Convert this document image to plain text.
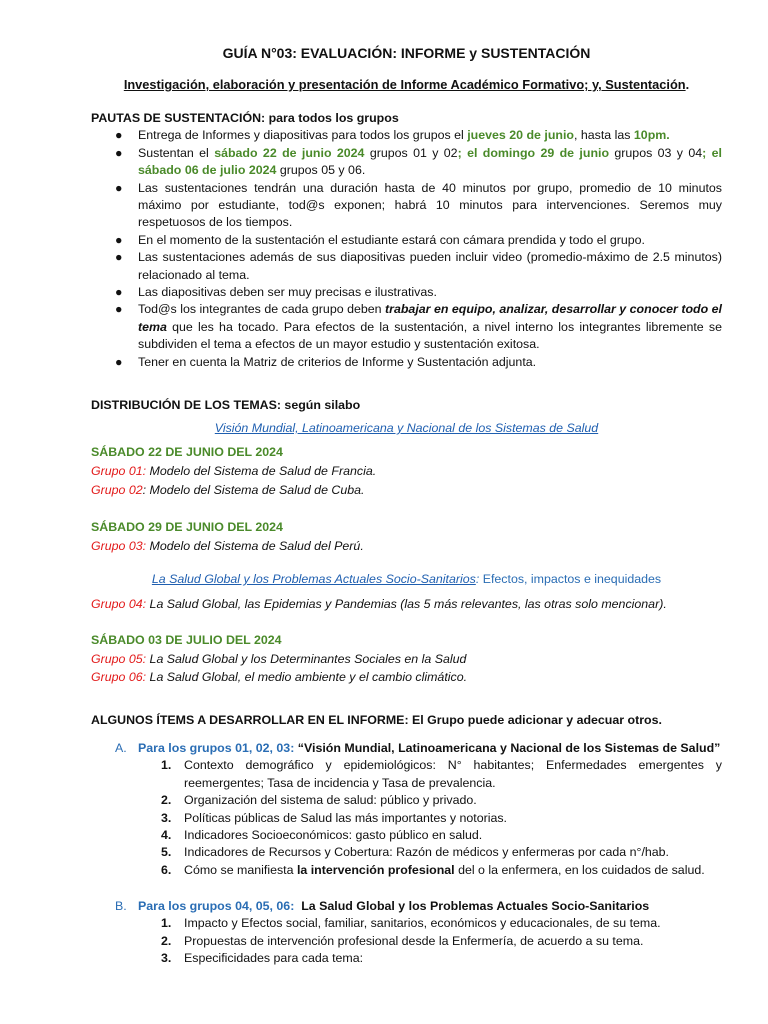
GUÍA N°03: EVALUACIÓN: INFORME y SUSTENTACIÓN
Investigación, elaboración y presentación de Informe Académico Formativo; y, Sustentación.
PAUTAS DE SUSTENTACIÓN: para todos los grupos
● Entrega de Informes y diapositivas para todos los grupos el jueves 20 de junio, hasta las 10pm.
● Sustentan el sábado 22 de junio 2024 grupos 01 y 02; el domingo 29 de junio grupos 03 y 04; el sábado 06 de julio 2024 grupos 05 y 06.
● Las sustentaciones tendrán una duración hasta de 40 minutos por grupo, promedio de 10 minutos máximo por estudiante, tod@s exponen; habrá 10 minutos para intervenciones. Seremos muy respetuosos de los tiempos.
● En el momento de la sustentación el estudiante estará con cámara prendida y todo el grupo.
● Las sustentaciones además de sus diapositivas pueden incluir video (promedio-máximo de 2.5 minutos) relacionado al tema.
● Las diapositivas deben ser muy precisas e ilustrativas.
● Tod@s los integrantes de cada grupo deben trabajar en equipo, analizar, desarrollar y conocer todo el tema que les ha tocado. Para efectos de la sustentación, a nivel interno los integrantes libremente se subdividen el tema a efectos de un mayor estudio y sustentación exitosa.
● Tener en cuenta la Matriz de criterios de Informe y Sustentación adjunta.
DISTRIBUCIÓN DE LOS TEMAS: según silabo
Visión Mundial, Latinoamericana y Nacional de los Sistemas de Salud
SÁBADO 22 DE JUNIO DEL 2024
Grupo 01: Modelo del Sistema de Salud de Francia.
Grupo 02: Modelo del Sistema de Salud de Cuba.
SÁBADO 29 DE JUNIO DEL 2024
Grupo 03: Modelo del Sistema de Salud del Perú.
La Salud Global y los Problemas Actuales Socio-Sanitarios: Efectos, impactos e inequidades
Grupo 04: La Salud Global, las Epidemias y Pandemias (las 5 más relevantes, las otras solo mencionar).
SÁBADO 03 DE JULIO DEL 2024
Grupo 05: La Salud Global y los Determinantes Sociales en la Salud
Grupo 06: La Salud Global, el medio ambiente y el cambio climático.
ALGUNOS ÍTEMS A DESARROLLAR EN EL INFORME: El Grupo puede adicionar y adecuar otros.
A. Para los grupos 01, 02, 03: “Visión Mundial, Latinoamericana y Nacional de los Sistemas de Salud”
1. Contexto demográfico y epidemiológicos: N° habitantes; Enfermedades emergentes y reemergentes; Tasa de incidencia y Tasa de prevalencia.
2. Organización del sistema de salud: público y privado.
3. Políticas públicas de Salud las más importantes y notorias.
4. Indicadores Socioeconómicos: gasto público en salud.
5. Indicadores de Recursos y Cobertura: Razón de médicos y enfermeras por cada n°/hab.
6. Cómo se manifiesta la intervención profesional del o la enfermera, en los cuidados de salud.
B. Para los grupos 04, 05, 06:  La Salud Global y los Problemas Actuales Socio-Sanitarios
1. Impacto y Efectos social, familiar, sanitarios, económicos y educacionales, de su tema.
2. Propuestas de intervención profesional desde la Enfermería, de acuerdo a su tema.
3. Especificidades para cada tema:
